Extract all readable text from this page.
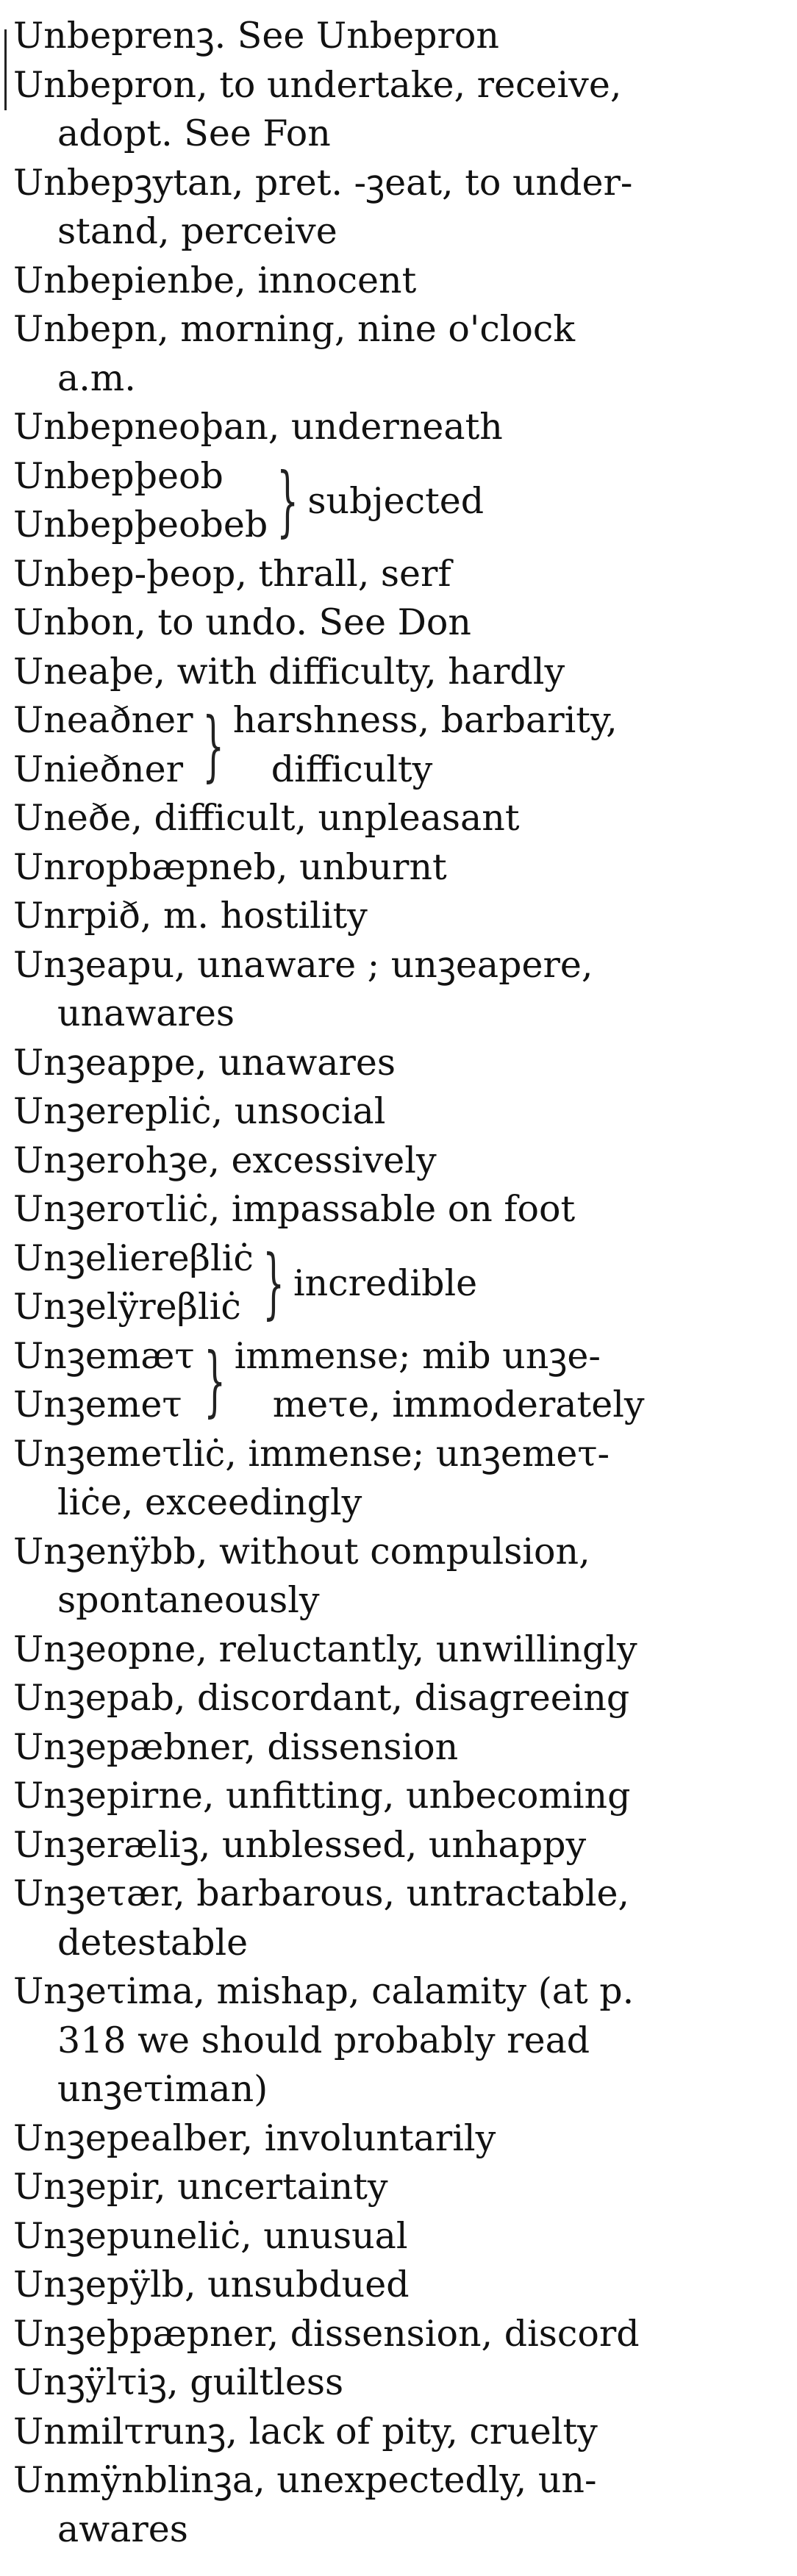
Unbeprenꝫ. See Unbepron
Unbepron, to undertake, receive,
adopt. See Fon
Unbepꝫytan, pret. -ꝫeat, to under-
stand, perceive
Unbepienbe, innocent
Unbepn, morning, nine o'clock
a.m.
Unbepneoþan, underneath
Unbepþeob
Unbepþeobeb } subjected
Unbep-þeop, thrall, serf
Unbon, to undo. See Don
Uneaþe, with difficulty, hardly
Uneaðner
Unieðner } harshness, barbarity,
difficulty
Uneðe, difficult, unpleasant
Unropbæpneb, unburnt
Unrpið, m. hostility
Unꝫeapu, unaware ; unꝫeapere,
unawares
Unꝫeappe, unawares
Unꝫerepliċ, unsocial
Unꝫerohꝫe, excessively
Unꝫeroτliċ, impassable on foot
Unꝫeliereβliċ
Unꝫelÿreβliċ } incredible
Unꝫemæτ
Unꝫemeτ } immense; mib unꝫe-
meτe, immoderately
Unꝫemeτliċ, immense; unꝫemeτ-
liċe, exceedingly
Unꝫenÿbb, without compulsion,
spontaneously
Unꝫeopne, reluctantly, unwillingly
Unꝫepab, discordant, disagreeing
Unꝫepæbner, dissension
Unꝫepirne, unfitting, unbecoming
Unꝫeræliꝫ, unblessed, unhappy
Unꝫeτær, barbarous, untractable,
detestable
Unꝫeτima, mishap, calamity (at p.
318 we should probably read
unꝫeτiman)
Unꝫepealber, involuntarily
Unꝫepir, uncertainty
Unꝫepuneliċ, unusual
Unꝫepÿlb, unsubdued
Unꝫeþpæpner, dissension, discord
Unꝫÿlτiꝫ, guiltless
Unmilτrunꝫ, lack of pity, cruelty
Unmÿnblinꝫa, unexpectedly, un-
awares
